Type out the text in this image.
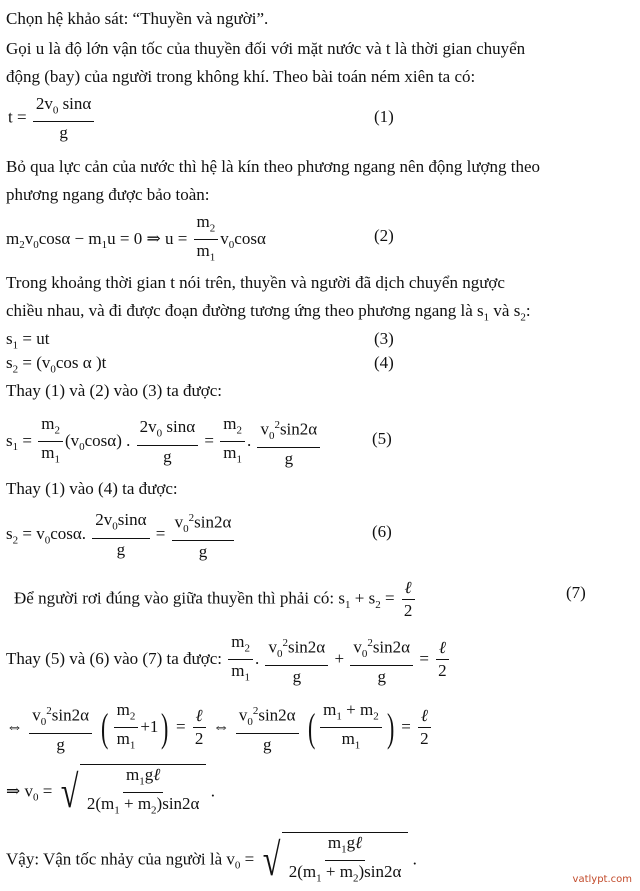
Chọn hệ khảo sát: “Thuyền và người”.
Gọi u là độ lớn vận tốc của thuyền đối với mặt nước và t là thời gian chuyển
động (bay) của người trong không khí. Theo bài toán ném xiên ta có:
$t = \frac{2v_0 \sin\alpha}{g}$	(1)
Bỏ qua lực cản của nước thì hệ là kín theo phương ngang nên động lượng theo
phương ngang được bảo toàn:
$m_2v_0\cos\alpha - m_1u = 0$ ⇒ $u = \frac{m_2}{m_1} v_0\cos\alpha$	(2)
Trong khoảng thời gian t nói trên, thuyền và người đã dịch chuyển ngược
chiều nhau, và đi được đoạn đường tương ứng theo phương ngang là $s_1$ và $s_2$:
$s_1$ = ut	(3)
$s_2 = (v_0\cos$ α )t	(4)
Thay (1) và (2) vào (3) ta được:
$s_1 = \frac{m_2}{m_1} (v_0\cos\alpha)$ . $\frac{2v_0 \sin\alpha}{g} = \frac{m_2}{m_1}$ . $\frac{v_0^2\sin 2\alpha}{g}$	(5)
Thay (1) vào (4) ta được:
$s_2 = v_0\cos\alpha$. $\frac{2v_0\sin\alpha}{g} = \frac{v_0^2\sin 2\alpha}{g}$	(6)
Để người rơi đúng vào giữa thuyền thì phải có: $s_1 + s_2 = \frac{\text{ℓ}}{2}$	(7)
Thay (5) và (6) vào (7) ta được: $\frac{m_2}{m_1}$ . $\frac{v_0^2\sin 2\alpha}{g} + \frac{v_0^2\sin 2\alpha}{g} = \frac{\text{ℓ}}{2}$
⇔ $\frac{v_0^2\sin 2\alpha}{g}$ ( $\frac{m_2}{m_1} +1) = \frac{\text{ℓ}}{2}$ ⇔ $\frac{v_0^2\sin 2\alpha}{g}$ ( $\frac{m_1 + m_2}{m_1}$ ) = $\frac{\text{ℓ}}{2}$
⇒ $v_0$ = √ $\frac{m_1g\ell}{2(m_1 + m_2)\sin 2\alpha}$ .
Vậy: Vận tốc nhảy của người là $v_0$ = √ $\frac{m_1g\ell}{2(m_1 + m_2)\sin 2\alpha}$ .
vatlypt.com
